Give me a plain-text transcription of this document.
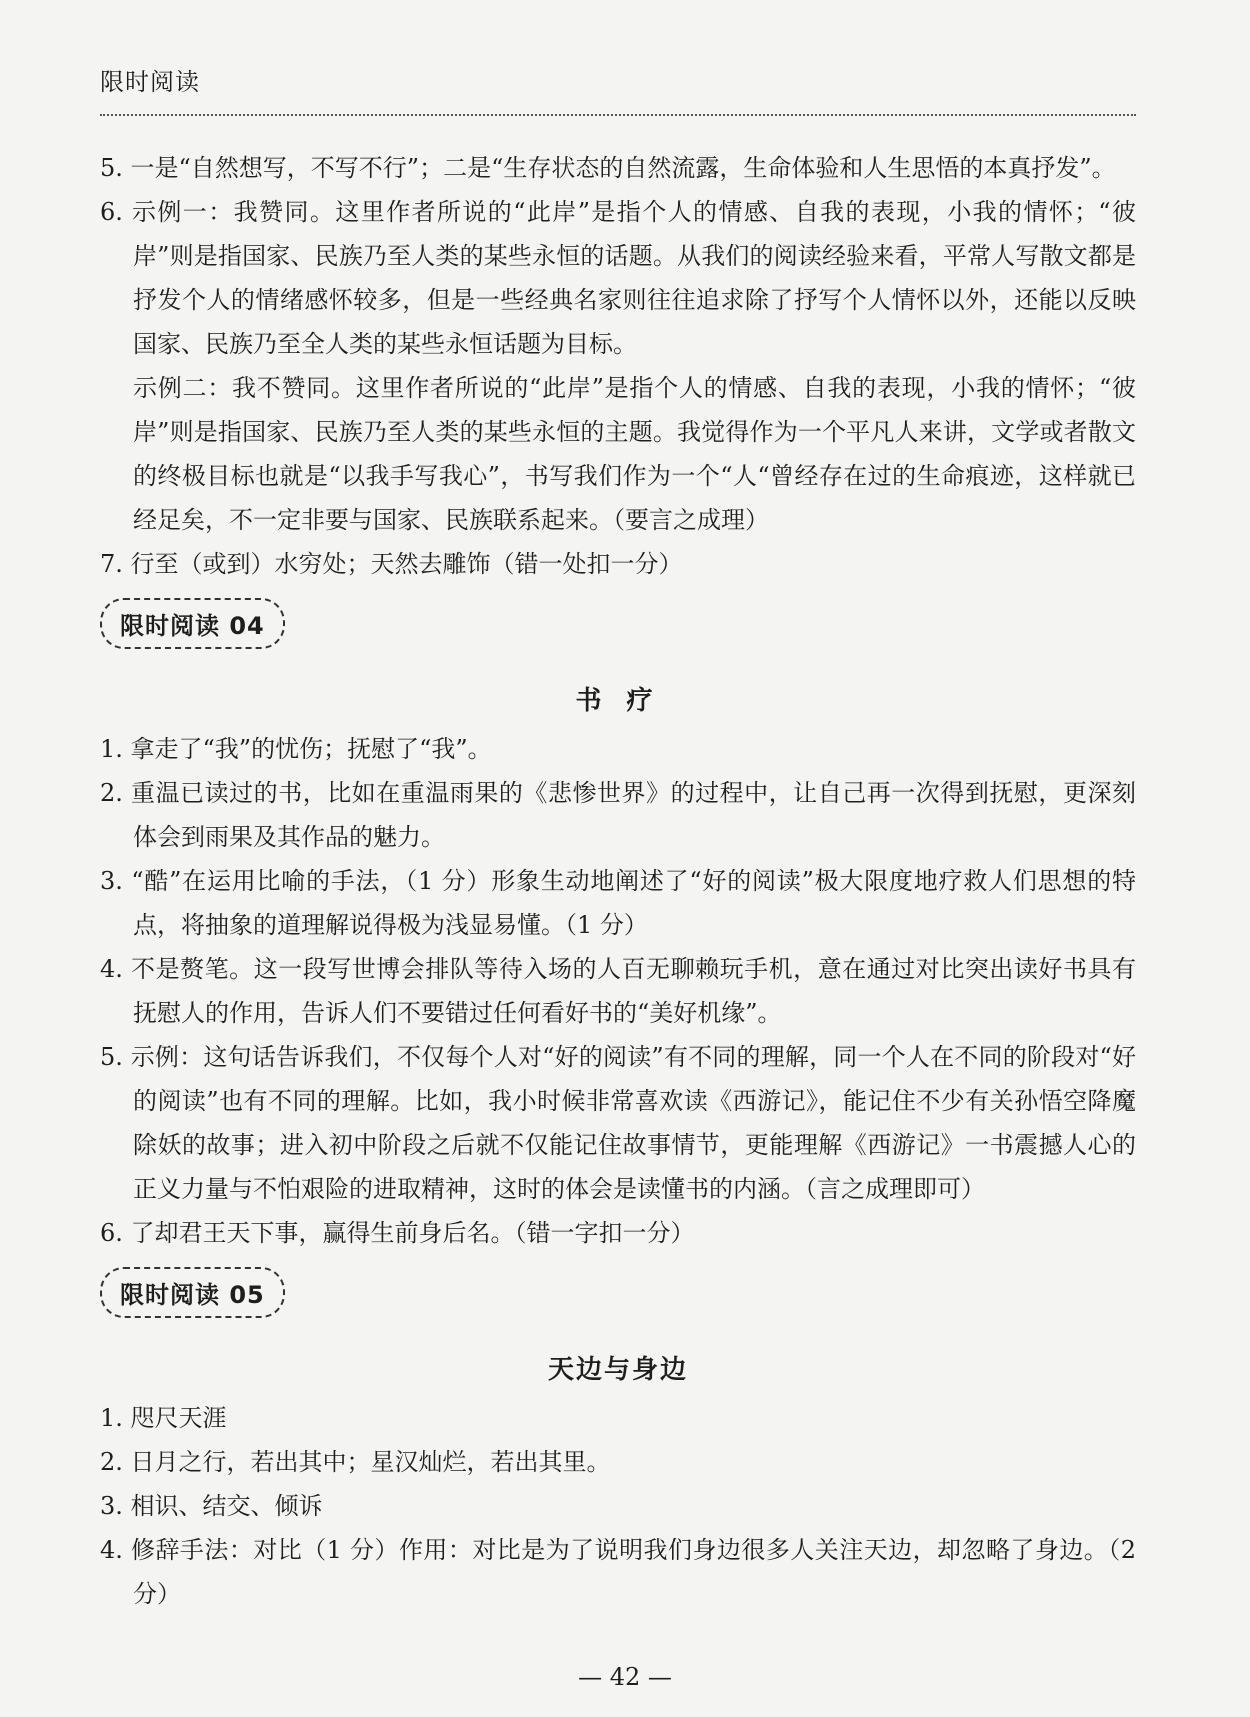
限时阅读

5. 一是“自然想写，不写不行”；二是“生存状态的自然流露，生命体验和人生思悟的本真抒发”。

6. 示例一：我赞同。这里作者所说的“此岸”是指个人的情感、自我的表现，小我的情怀；“彼岸”则是指国家、民族乃至人类的某些永恒的话题。从我们的阅读经验来看，平常人写散文都是抒发个人的情绪感怀较多，但是一些经典名家则往往追求除了抒写个人情怀以外，还能以反映国家、民族乃至全人类的某些永恒话题为目标。

示例二：我不赞同。这里作者所说的“此岸”是指个人的情感、自我的表现，小我的情怀；“彼岸”则是指国家、民族乃至人类的某些永恒的主题。我觉得作为一个平凡人来讲，文学或者散文的终极目标也就是“以我手写我心”，书写我们作为一个“人“曾经存在过的生命痕迹，这样就已经足矣，不一定非要与国家、民族联系起来。（要言之成理）

7. 行至（或到）水穷处；天然去雕饰（错一处扣一分）

限时阅读 04
书 疗

1. 拿走了“我”的忧伤；抚慰了“我”。

2. 重温已读过的书，比如在重温雨果的《悲惨世界》的过程中，让自己再一次得到抚慰，更深刻体会到雨果及其作品的魅力。

3. “酷”在运用比喻的手法，（1 分）形象生动地阐述了“好的阅读”极大限度地疗救人们思想的特点，将抽象的道理解说得极为浅显易懂。（1 分）

4. 不是赘笔。这一段写世博会排队等待入场的人百无聊赖玩手机，意在通过对比突出读好书具有抚慰人的作用，告诉人们不要错过任何看好书的“美好机缘”。

5. 示例：这句话告诉我们，不仅每个人对“好的阅读”有不同的理解，同一个人在不同的阶段对“好的阅读”也有不同的理解。比如，我小时候非常喜欢读《西游记》，能记住不少有关孙悟空降魔除妖的故事；进入初中阶段之后就不仅能记住故事情节，更能理解《西游记》一书震撼人心的正义力量与不怕艰险的进取精神，这时的体会是读懂书的内涵。（言之成理即可）

6. 了却君王天下事，赢得生前身后名。（错一字扣一分）

限时阅读 05
天边与身边

1. 咫尺天涯

2. 日月之行，若出其中；星汉灿烂，若出其里。

3. 相识、结交、倾诉

4. 修辞手法：对比（1 分）作用：对比是为了说明我们身边很多人关注天边，却忽略了身边。（2 分）

— 42 —
